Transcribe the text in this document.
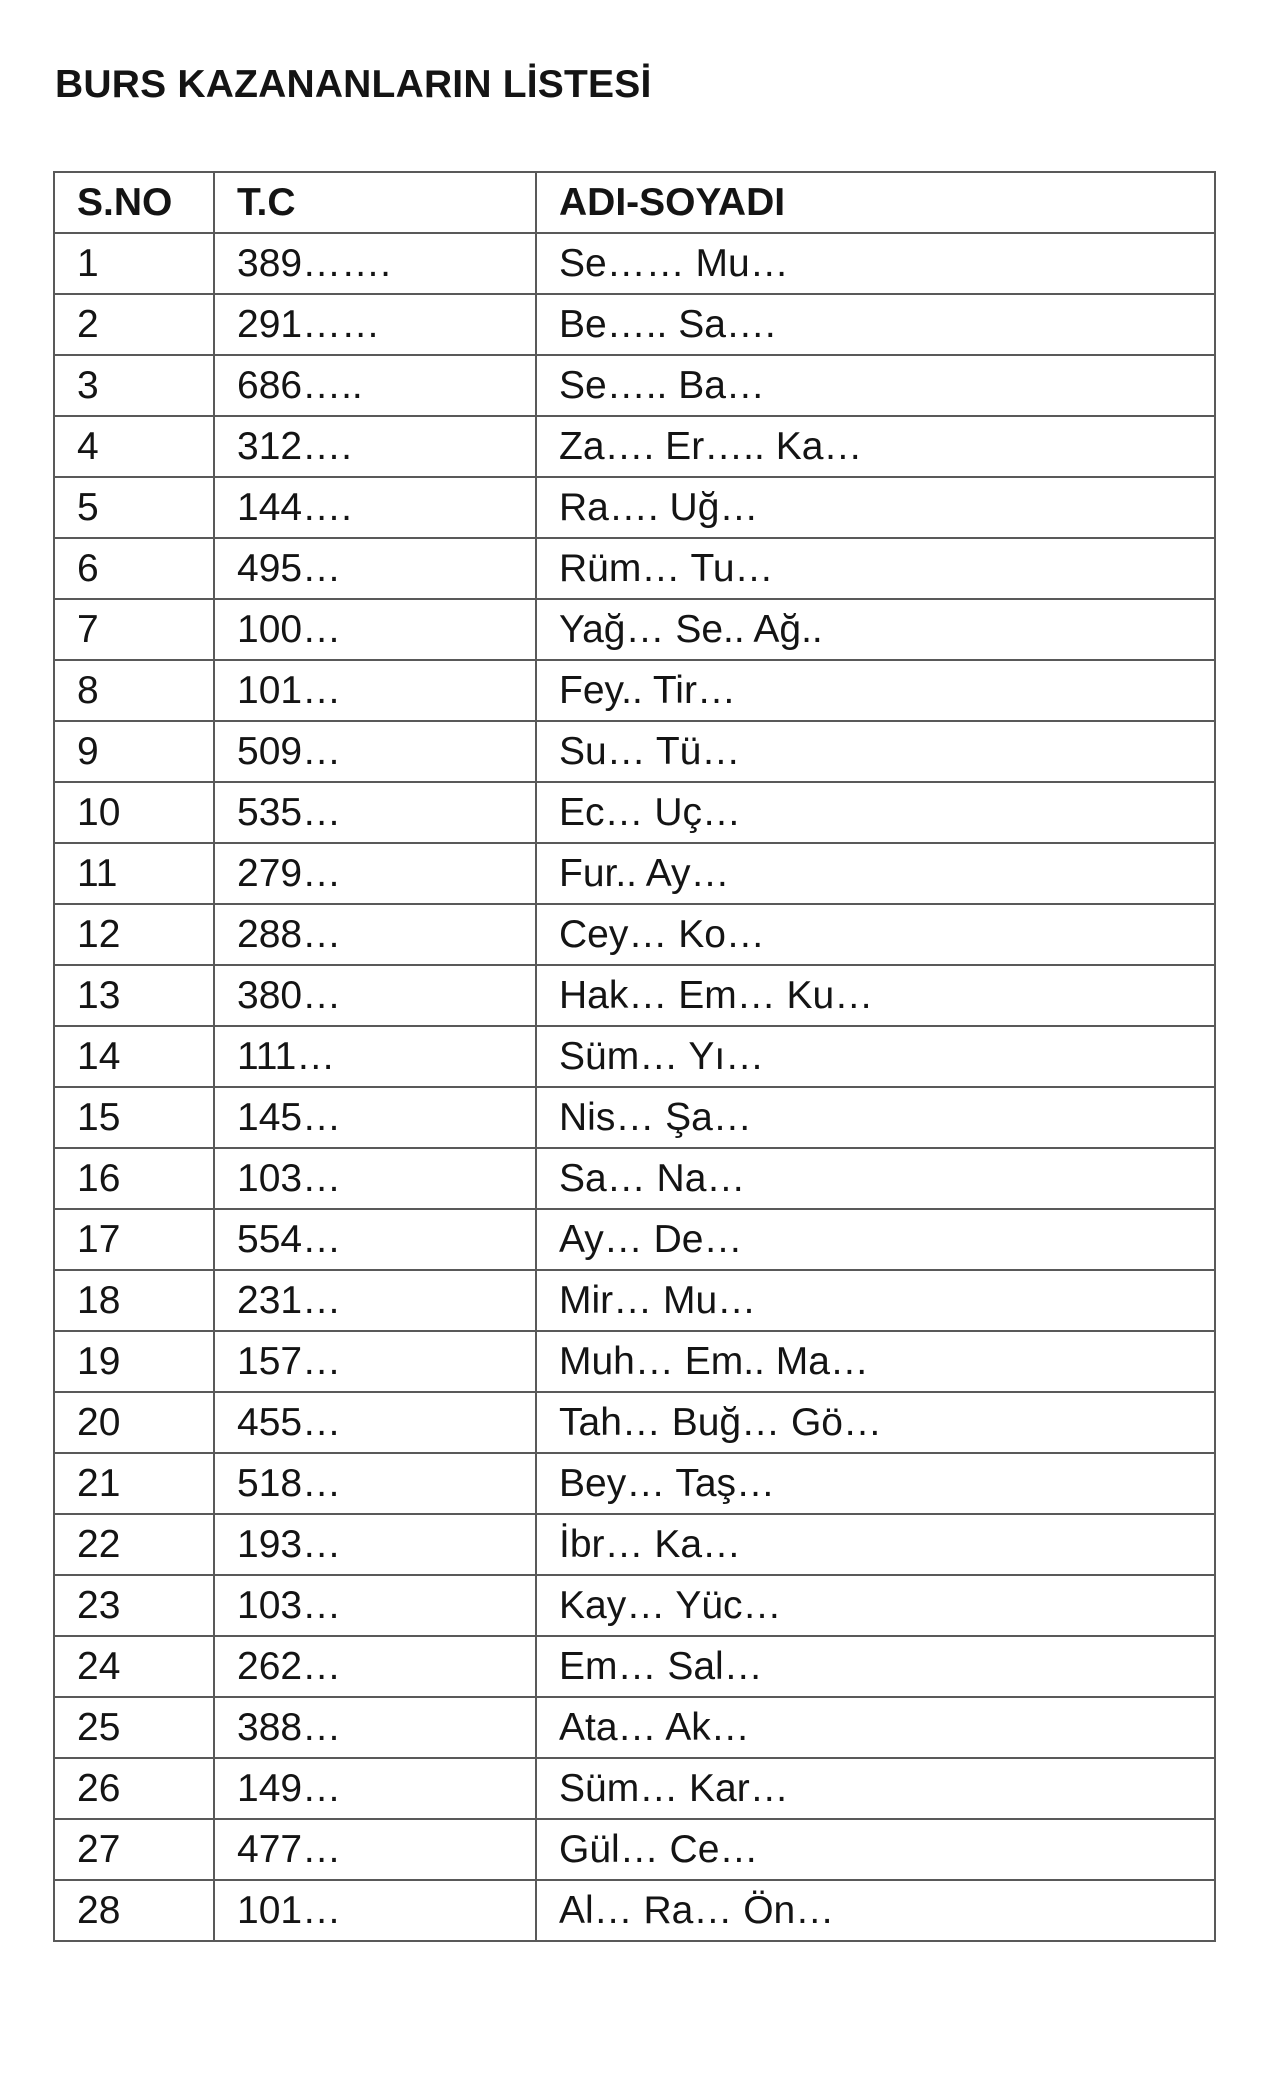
BURS KAZANANLARIN LİSTESİ
S.NO	T.C	ADI-SOYADI
1	389…….	Se…… Mu…
2	291……	Be….. Sa….
3	686…..	Se….. Ba…
4	312….	Za…. Er….. Ka…
5	144….	Ra…. Uğ…
6	495…	Rüm… Tu…
7	100…	Yağ… Se.. Ağ..
8	101…	Fey.. Tir…
9	509…	Su… Tü…
10	535…	Ec… Uç…
11	279…	Fur.. Ay…
12	288…	Cey… Ko…
13	380…	Hak… Em… Ku…
14	111…	Süm… Yı…
15	145…	Nis… Şa…
16	103…	Sa… Na…
17	554…	Ay… De…
18	231…	Mir… Mu…
19	157…	Muh… Em.. Ma…
20	455…	Tah… Buğ… Gö…
21	518…	Bey… Taş…
22	193…	İbr… Ka…
23	103…	Kay… Yüc…
24	262…	Em… Sal…
25	388…	Ata… Ak…
26	149…	Süm… Kar…
27	477…	Gül… Ce…
28	101…	Al… Ra… Ön…
